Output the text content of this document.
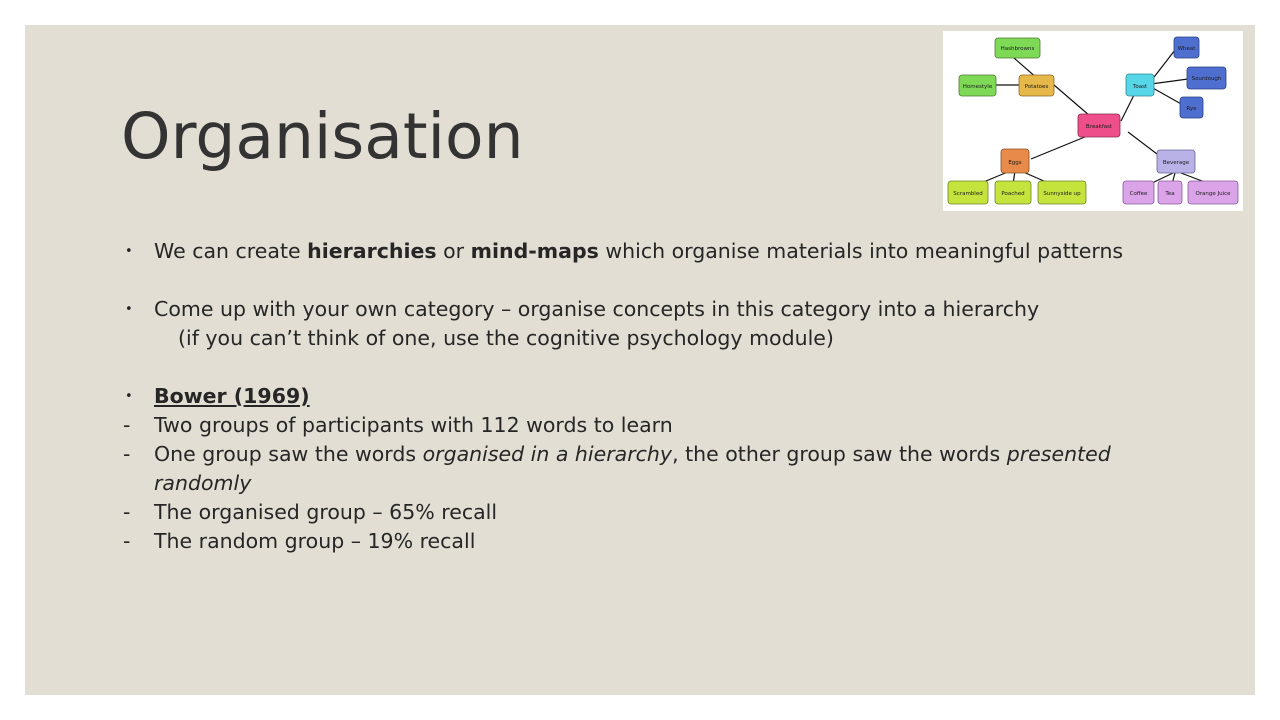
Organisation
Hashbrowns
Homestyle	Potatoes	Toast
Wheat
Sourdough
Rye
Breakfast
Eggs
Scrambled	Poached	Sunnyside up
Beverage
Coffee	Tea	Orange Juice
•	We can create hierarchies or mind-maps which organise materials into meaningful patterns
•	Come up with your own category – organise concepts in this category into a hierarchy
(if you can’t think of one, use the cognitive psychology module)
•	Bower (1969)
-	Two groups of participants with 112 words to learn
-	One group saw the words organised in a hierarchy, the other group saw the words presented randomly
-	The organised group – 65% recall
-	The random group – 19% recall
